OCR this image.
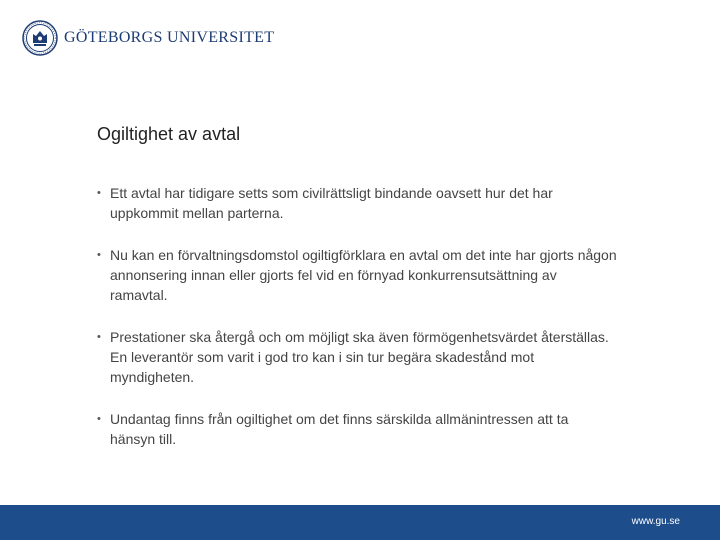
GÖTEBORGS UNIVERSITET
Ogiltighet av avtal
• Ett avtal har tidigare setts som civilrättsligt bindande oavsett hur det har uppkommit mellan parterna.
• Nu kan en förvaltningsdomstol ogiltigförklara en avtal om det inte har gjorts någon annonsering innan eller gjorts fel vid en förnyad konkurrensutsättning av ramavtal.
• Prestationer ska återgå och om möjligt ska även förmögenhetsvärdet återställas. En leverantör som varit i god tro kan i sin tur begära skadestånd mot myndigheten.
• Undantag finns från ogiltighet om det finns särskilda allmänintressen att ta hänsyn till.
www.gu.se
